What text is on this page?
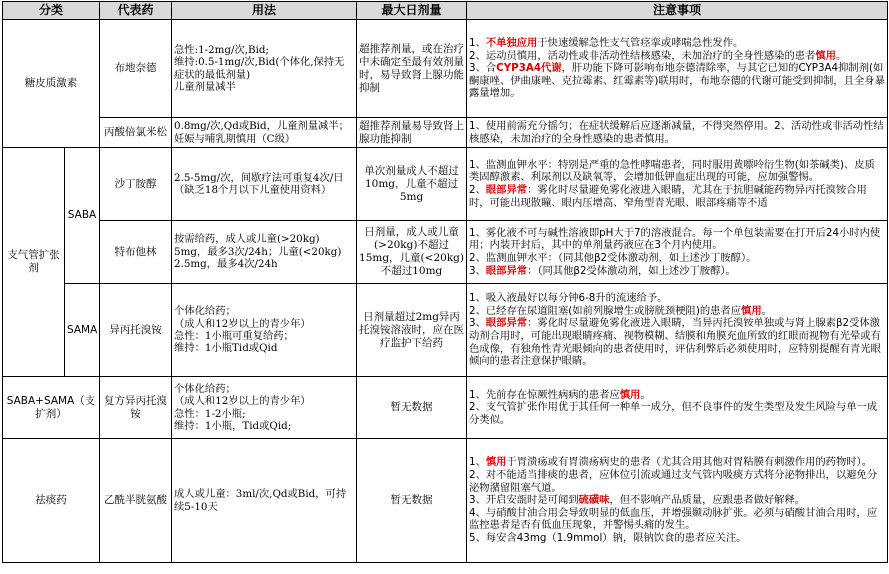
分类		代表药	用法	最大日剂量	注意事项
糖皮质激素		布地奈德	急性:1-2mg/次,Bid;
维持:0.5-1mg/次,Bid(个体化,保持无症状的最低剂量)
儿童剂量减半	超推荐剂量，或在治疗中未确定至最有效剂量时，易导致肾上腺功能抑制	1、不单独应用于快速缓解急性支气管痉挛或哮喘急性发作。
2、运动员慎用，活动性或非活动性结核感染，未加治疗的全身性感染的患者慎用。
3、合CYP3A4代谢，肝功能下降可影响布地奈德清除率，与其它已知的CYP3A4抑制剂(如酮康唑、伊曲康唑、克拉霉素、红霉素等)联用时，布地奈德的代谢可能受到抑制，且全身暴露量增加。

		丙酸倍氯米松	0.8mg/次,Qd或Bid，儿童剂量减半；妊娠与哺乳期慎用（C级）	超推荐剂量易导致肾上腺功能抑制	1、使用前需充分摇匀；在症状缓解后应逐渐减量，不得突然停用。2、活动性或非活动性结核感染，未加治疗的全身性感染的患者慎用。
支气管扩张剂	SABA	沙丁胺醇	2.5-5mg/次，间歇疗法可重复4次/日（缺乏18个月以下儿童使用资料）	单次剂量成人不超过10mg，儿童不超过5mg	1、监测血钾水平：特别是严重的急性哮喘患者，同时服用黄嘌呤衍生物(如茶碱类)、皮质类固醇激素、利尿剂以及缺氧等，会增加低钾血症出现的可能，应加强警惕。
2、眼部异常：雾化时尽量避免雾化液进入眼睛，尤其在于抗胆碱能药物异丙托溴铵合用时，可能出现散瞳、眼内压增高、窄角型青光眼、眼部疼痛等不适

		特布他林	按需给药，成人或儿童(>20kg) 5mg，最多3次/24h；儿童(<20kg) 2.5mg，最多4次/24h	日剂量，成人或儿童(>20kg)不超过15mg，儿童(<20kg)不超过10mg	1、雾化液不可与碱性溶液即pH大于7的溶液混合。每一个单包装需要在打开后24小时内使用；内装开封后，其中的单剂量药液应在3个月内使用。
2、监测血钾水平：（同其他β2受体激动剂，如上述沙丁胺醇）。
3、眼部异常：（同其他β2受体激动剂，如上述沙丁胺醇）。

	SAMA	异丙托溴铵	个体化给药；
（成人和12岁以上的青少年）
急性：1小瓶可重复给药；
维持：1小瓶Tid或Qid	日剂量超过2mg异丙托溴铵溶液时，应在医疗监护下给药	1、吸入液最好以每分钟6-8升的流速给予。
2、已经存在尿道阻塞(如前列腺增生或膀胱颈梗阻)的患者应慎用。
3、眼部异常：雾化时尽量避免雾化液进入眼睛，当异丙托溴铵单独或与肾上腺素β2受体激动剂合用时，可能出现眼睛疼痛、视物模糊、结膜和角膜充血所致的红眼而视物有光晕或有色成像，有独角性青光眼倾向的患者使用时，评估利弊后必须使用时，应特别提醒有青光眼倾向的患者注意保护眼睛。

SABA+SAMA（支扩剂）		复方异丙托溴铵	个体化给药；
（成人和12岁以上的青少年）
急性：1-2小瓶;
维持：1小瓶，Tid或Qid;	暂无数据	1、先前存在惊厥性病病的患者应慎用。
2、支气管扩张作用优于其任何一种单一成分，但不良事件的发生类型及发生风险与单一成分类似。

祛痰药		乙酰半胱氨酸	成人或儿童：3ml/次,Qd或Bid，可持续5-10天	暂无数据	1、慎用于胃溃疡或有胃溃疡病史的患者（尤其合用其他对胃粘膜有刺激作用的药物时）。
2、对不能适当排痰的患者，应体位引流或通过支气管内吸痰方式将分泌物排出，以避免分泌物潴留阻塞气道。
3、开启安瓿时是可闻到硫磺味，但不影响产品质量，应跟患者做好解释。
4、与硝酸甘油合用会导致明显的低血压，并增强颞动脉扩张。必须与硝酸甘油合用时，应监控患者是否有低血压现象，并警惕头痛的发生。
5、每安含43mg（1.9mmol）钠，限钠饮食的患者应关注。
